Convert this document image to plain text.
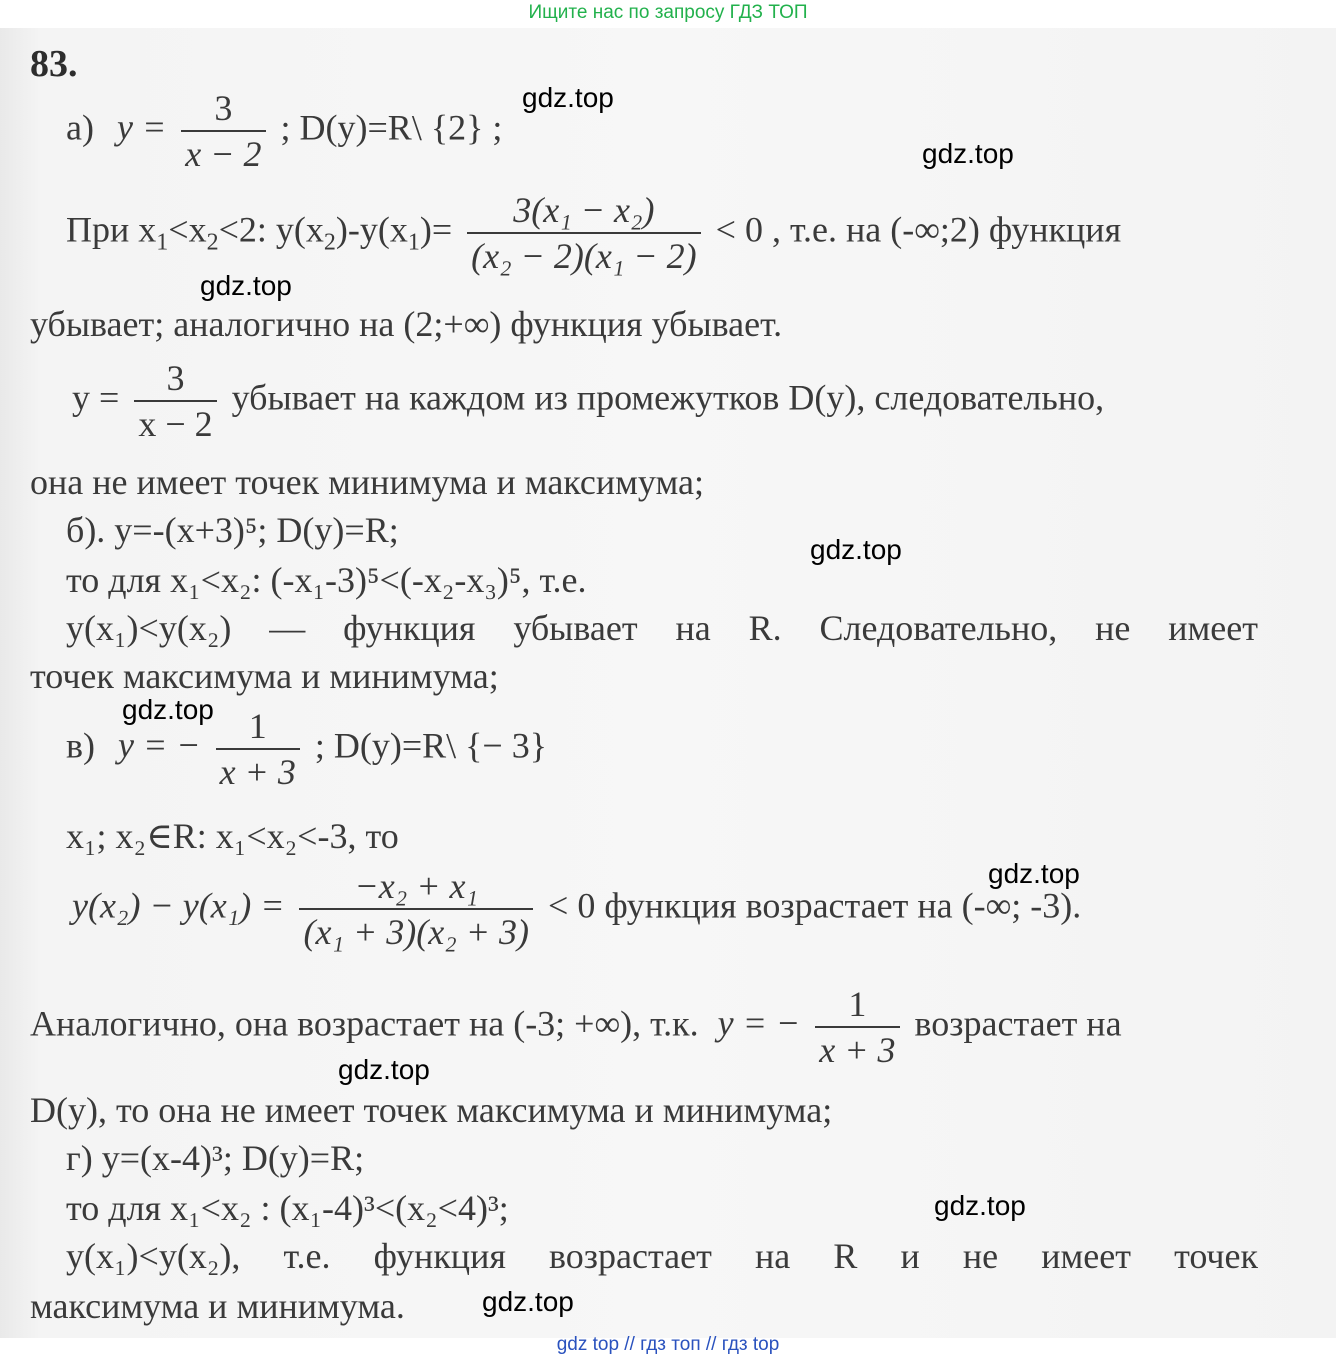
Ищите нас по запросу ГДЗ ТОП
83.
а) $y = \frac{3}{x - 2}$ ; D(y)=R\ {2} ;
При $x_1<x_2<2$: $y(x_2)-y(x_1)= \frac{\text{3(x₁ − x₂)}}{\text{(x₂ − 2)(x₁ − 2)}} < 0$ , т.е. на (-∞;2) функция
убывает; аналогично на (2;+∞) функция убывает.
$y = \frac{3}{x - 2}$ убывает на каждом из промежутков D(y), следовательно,
она не имеет точек минимума и максимума;
б). y=-(x+3)⁵; D(y)=R;
то для x₁<x₂: (-x₁-3)⁵<(-x₂-x₃)⁵, т.е.
y(x₁)<y(x₂) — функция убывает на R. Следовательно, не имеет
точек максимума и минимума;
в) y = − $\frac{1}{x + 3}$ ; D(y)=R\ {− 3}
x₁; x₂∈R: x₁<x₂<-3, то
$y(x_2) - y(x_1) = \frac{\text{−x₂ + x₁}}{\text{(x₁ + 3)(x₂ + 3)}} < 0$ функция возрастает на (-∞; -3).
Аналогично, она возрастает на (-3; +∞), т.к. y = − $\frac{1}{x + 3}$ возрастает на
D(y), то она не имеет точек максимума и минимума;
г) y=(x-4)³; D(y)=R;
то для x₁<x₂ : (x₁-4)³<(x₂<4)³;
y(x₁)<y(x₂), т.е. функция возрастает на R и не имеет точек
максимума и минимума.
gdz.top
gdz.top
gdz.top
gdz.top
gdz.top
gdz.top
gdz.top
gdz.top
gdz.top
gdz top // гдз топ // гдз top
